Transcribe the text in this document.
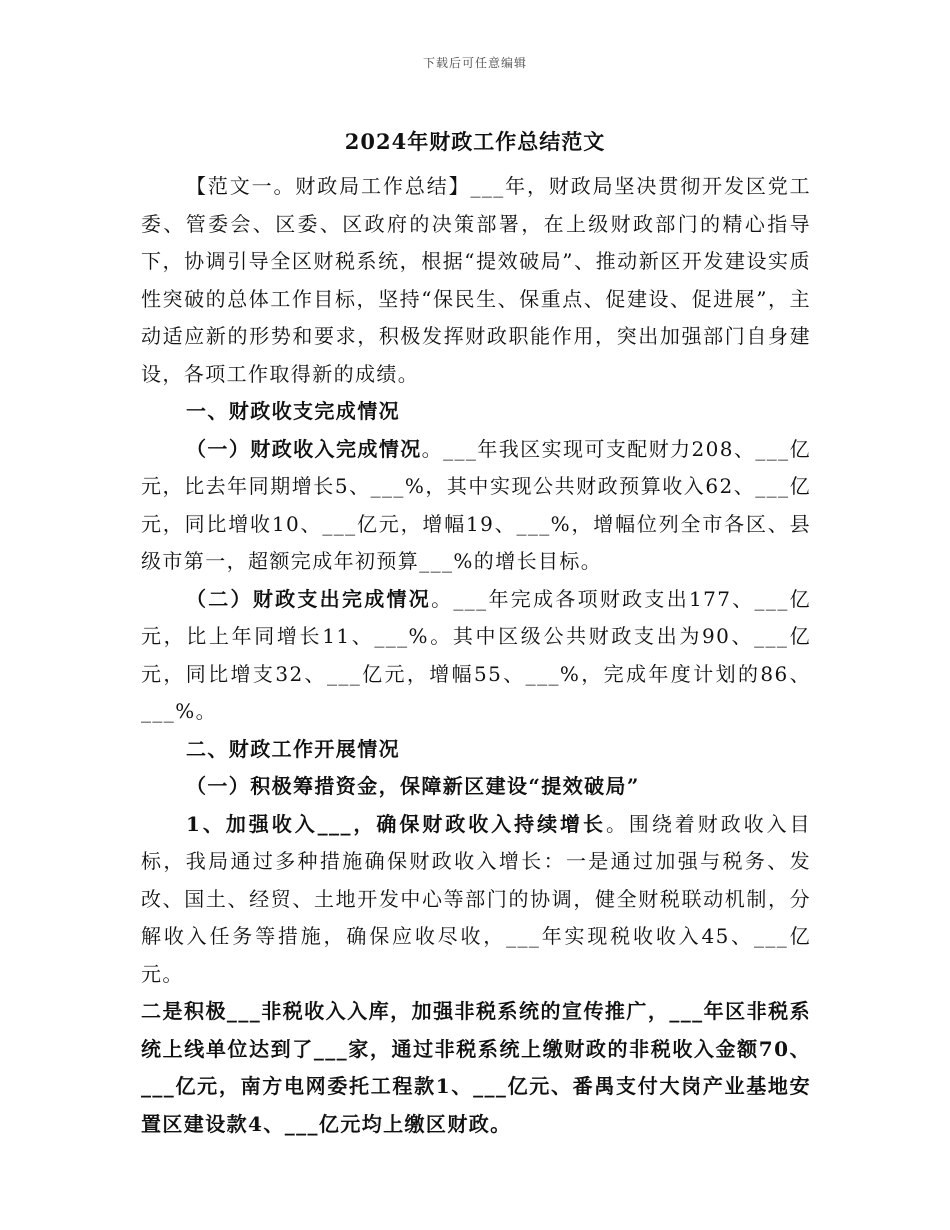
下载后可任意编辑
2024年财政工作总结范文

【范文一。财政局工作总结】___年，财政局坚决贯彻开发区党工委、管委会、区委、区政府的决策部署，在上级财政部门的精心指导下，协调引导全区财税系统，根据“提效破局”、推动新区开发建设实质性突破的总体工作目标，坚持“保民生、保重点、促建设、促进展”，主动适应新的形势和要求，积极发挥财政职能作用，突出加强部门自身建设，各项工作取得新的成绩。

一、财政收支完成情况

（一）财政收入完成情况。___年我区实现可支配财力208、___亿元，比去年同期增长5、___%，其中实现公共财政预算收入62、___亿元，同比增收10、___亿元，增幅19、___%，增幅位列全市各区、县级市第一，超额完成年初预算___%的增长目标。

（二）财政支出完成情况。___年完成各项财政支出177、___亿元，比上年同增长11、___%。其中区级公共财政支出为90、___亿元，同比增支32、___亿元，增幅55、___%，完成年度计划的86、___%。

二、财政工作开展情况

（一）积极筹措资金，保障新区建设“提效破局”

1、加强收入___，确保财政收入持续增长。围绕着财政收入目标，我局通过多种措施确保财政收入增长：一是通过加强与税务、发改、国土、经贸、土地开发中心等部门的协调，健全财税联动机制，分解收入任务等措施，确保应收尽收，___年实现税收收入45、___亿元。

二是积极___非税收入入库，加强非税系统的宣传推广，___年区非税系统上线单位达到了___家，通过非税系统上缴财政的非税收入金额70、___亿元，南方电网委托工程款1、___亿元、番禺支付大岗产业基地安置区建设款4、___亿元均上缴区财政。
